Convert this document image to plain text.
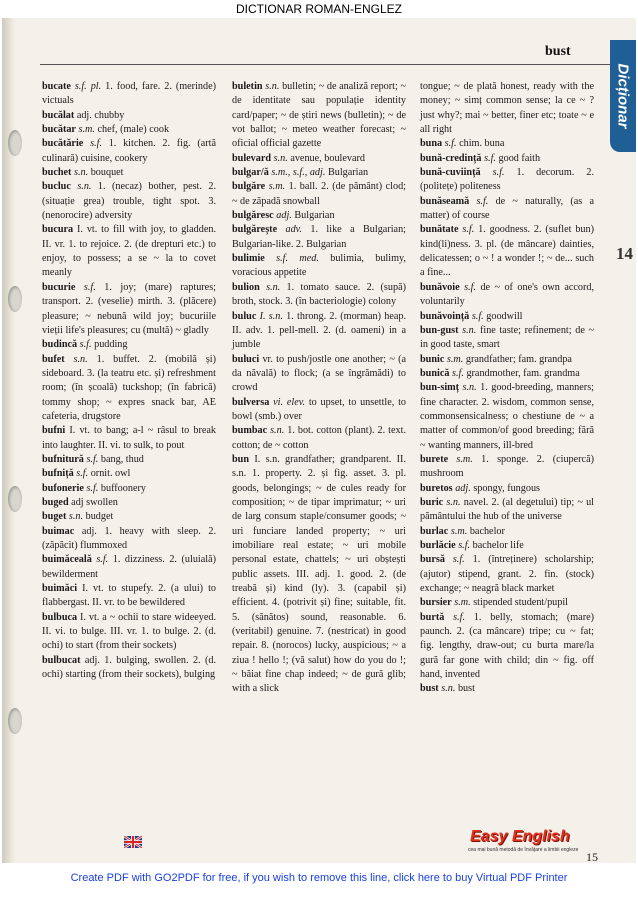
DICTIONAR ROMAN-ENGLEZ
bust
Dicționar
14

bucate s.f. pl. 1. food, fare. 2. (merinde) victuals

bucălat adj. chubby

bucătar s.m. chef, (male) cook

bucătărie s.f. 1. kitchen. 2. fig. (artă culinară) cuisine, cookery

buchet s.n. bouquet

bucluc s.n. 1. (necaz) bother, pest. 2. (situație grea) trouble, tight spot. 3. (nenorocire) adversity

bucura I. vt. to fill with joy, to gladden. II. vr. 1. to rejoice. 2. (de drepturi etc.) to enjoy, to possess; a se ~ la to covet meanly

bucurie s.f. 1. joy; (mare) raptures; transport. 2. (veselie) mirth. 3. (plăcere) pleasure; ~ nebună wild joy; bucuriile vieții life's pleasures; cu (multă) ~ gladly

budincă s.f. pudding

bufet s.n. 1. buffet. 2. (mobilă și) sideboard. 3. (la teatru etc. și) refreshment room; (în școală) tuckshop; (în fabrică) tommy shop; ~ expres snack bar, AE cafeteria, drugstore

bufni I. vt. to bang; a-l ~ râsul to break into laughter. II. vi. to sulk, to pout

bufnitură s.f. bang, thud

bufniță s.f. ornit. owl

bufonerie s.f. buffoonery

buged adj swollen

buget s.n. budget

buimac adj. 1. heavy with sleep. 2. (zăpăcit) flummoxed

buimăceală s.f. 1. dizziness. 2. (uluială) bewilderment

buimăci I. vt. to stupefy. 2. (a ului) to flabbergast. II. vr. to be bewildered

bulbuca I. vt. a ~ ochii to stare wideeyed. II. vi. to bulge. III. vr. 1. to bulge. 2. (d. ochi) to start (from their sockets)

bulbucat adj. 1. bulging, swollen. 2. (d. ochi) starting (from their sockets), bulging

buletin s.n. bulletin; ~ de analiză report; ~ de identitate sau populație identity card/paper; ~ de știri news (bulletin); ~ de vot ballot; ~ meteo weather forecast; ~ oficial official gazette

bulevard s.n. avenue, boulevard

bulgar/ă s.m., s.f., adj. Bulgarian

bulgăre s.m. 1. ball. 2. (de pământ) clod; ~ de zăpadă snowball

bulgăresc adj. Bulgarian

bulgărește adv. 1. like a Bulgarian; Bulgarian-like. 2. Bulgarian

bulimie s.f. med. bulimia, bulimy, voracious appetite

bulion s.n. 1. tomato sauce. 2. (supă) broth, stock. 3. (în bacteriologie) colony

buluc I. s.n. 1. throng. 2. (morman) heap. II. adv. 1. pell-mell. 2. (d. oameni) in a jumble

buluci vr. to push/jostle one another; ~ (a da năvală) to flock; (a se îngrămădi) to crowd

bulversa vi. elev. to upset, to unsettle, to bowl (smb.) over

bumbac s.n. 1. bot. cotton (plant). 2. text. cotton; de ~ cotton

bun I. s.n. grandfather; grandparent. II. s.n. 1. property. 2. și fig. asset. 3. pl. goods, belongings; ~ de cules ready for composition; ~ de tipar imprimatur; ~ uri de larg consum staple/consumer goods; ~ uri funciare landed property; ~ uri imobiliare real estate; ~ uri mobile personal estate, chattels; ~ uri obștești public assets. III. adj. 1. good. 2. (de treabă și) kind (ly). 3. (capabil și) efficient. 4. (potrivit și) fine; suitable, fit. 5. (sănătos) sound, reasonable. 6. (veritabil) genuine. 7. (nestricat) in good repair. 8. (norocos) lucky, auspicious; ~ a ziua ! hello !; (vă salut) how do you do !; ~ băiat fine chap indeed; ~ de gură glib; with a slick

tongue; ~ de plată honest, ready with the money; ~ simț common sense; la ce ~ ? just why?; mai ~ better, finer etc; toate ~ e all right

buna s.f. chim. buna

bună-credință s.f. good faith

bună-cuviință s.f. 1. decorum. 2. (politețe) politeness

bunăseamă s.f. de ~ naturally, (as a matter) of course

bunătate s.f. 1. goodness. 2. (suflet bun) kind(li)ness. 3. pl. (de mâncare) dainties, delicatessen; o ~ ! a wonder !; ~ de... such a fine...

bunăvoie s.f. de ~ of one's own accord, voluntarily

bunăvoință s.f. goodwill

bun-gust s.n. fine taste; refinement; de ~ in good taste, smart

bunic s.m. grandfather; fam. grandpa

bunică s.f. grandmother, fam. grandma

bun-simț s.n. 1. good-breeding, manners; fine character. 2. wisdom, common sense, commonsensicalness; o chestiune de ~ a matter of common/of good breeding; fără ~ wanting manners, ill-bred

burete s.m. 1. sponge. 2. (ciupercă) mushroom

buretos adj. spongy, fungous

buric s.n. navel. 2. (al degetului) tip; ~ ul pământului the hub of the universe

burlac s.m. bachelor

burlăcie s.f. bachelor life

bursă s.f. 1. (întreținere) scholarship; (ajutor) stipend, grant. 2. fin. (stock) exchange; ~ neagră black market

bursier s.m. stipended student/pupil

burtă s.f. 1. belly, stomach; (mare) paunch. 2. (ca mâncare) tripe; cu ~ fat; fig. lengthy, draw-out; cu burta mare/la gură far gone with child; din ~ fig. off hand, invented

bust s.n. bust

Easy English
cea mai bună metodă de învățare a limbii engleze 15
Create PDF with GO2PDF for free, if you wish to remove this line, click here to buy Virtual PDF Printer
